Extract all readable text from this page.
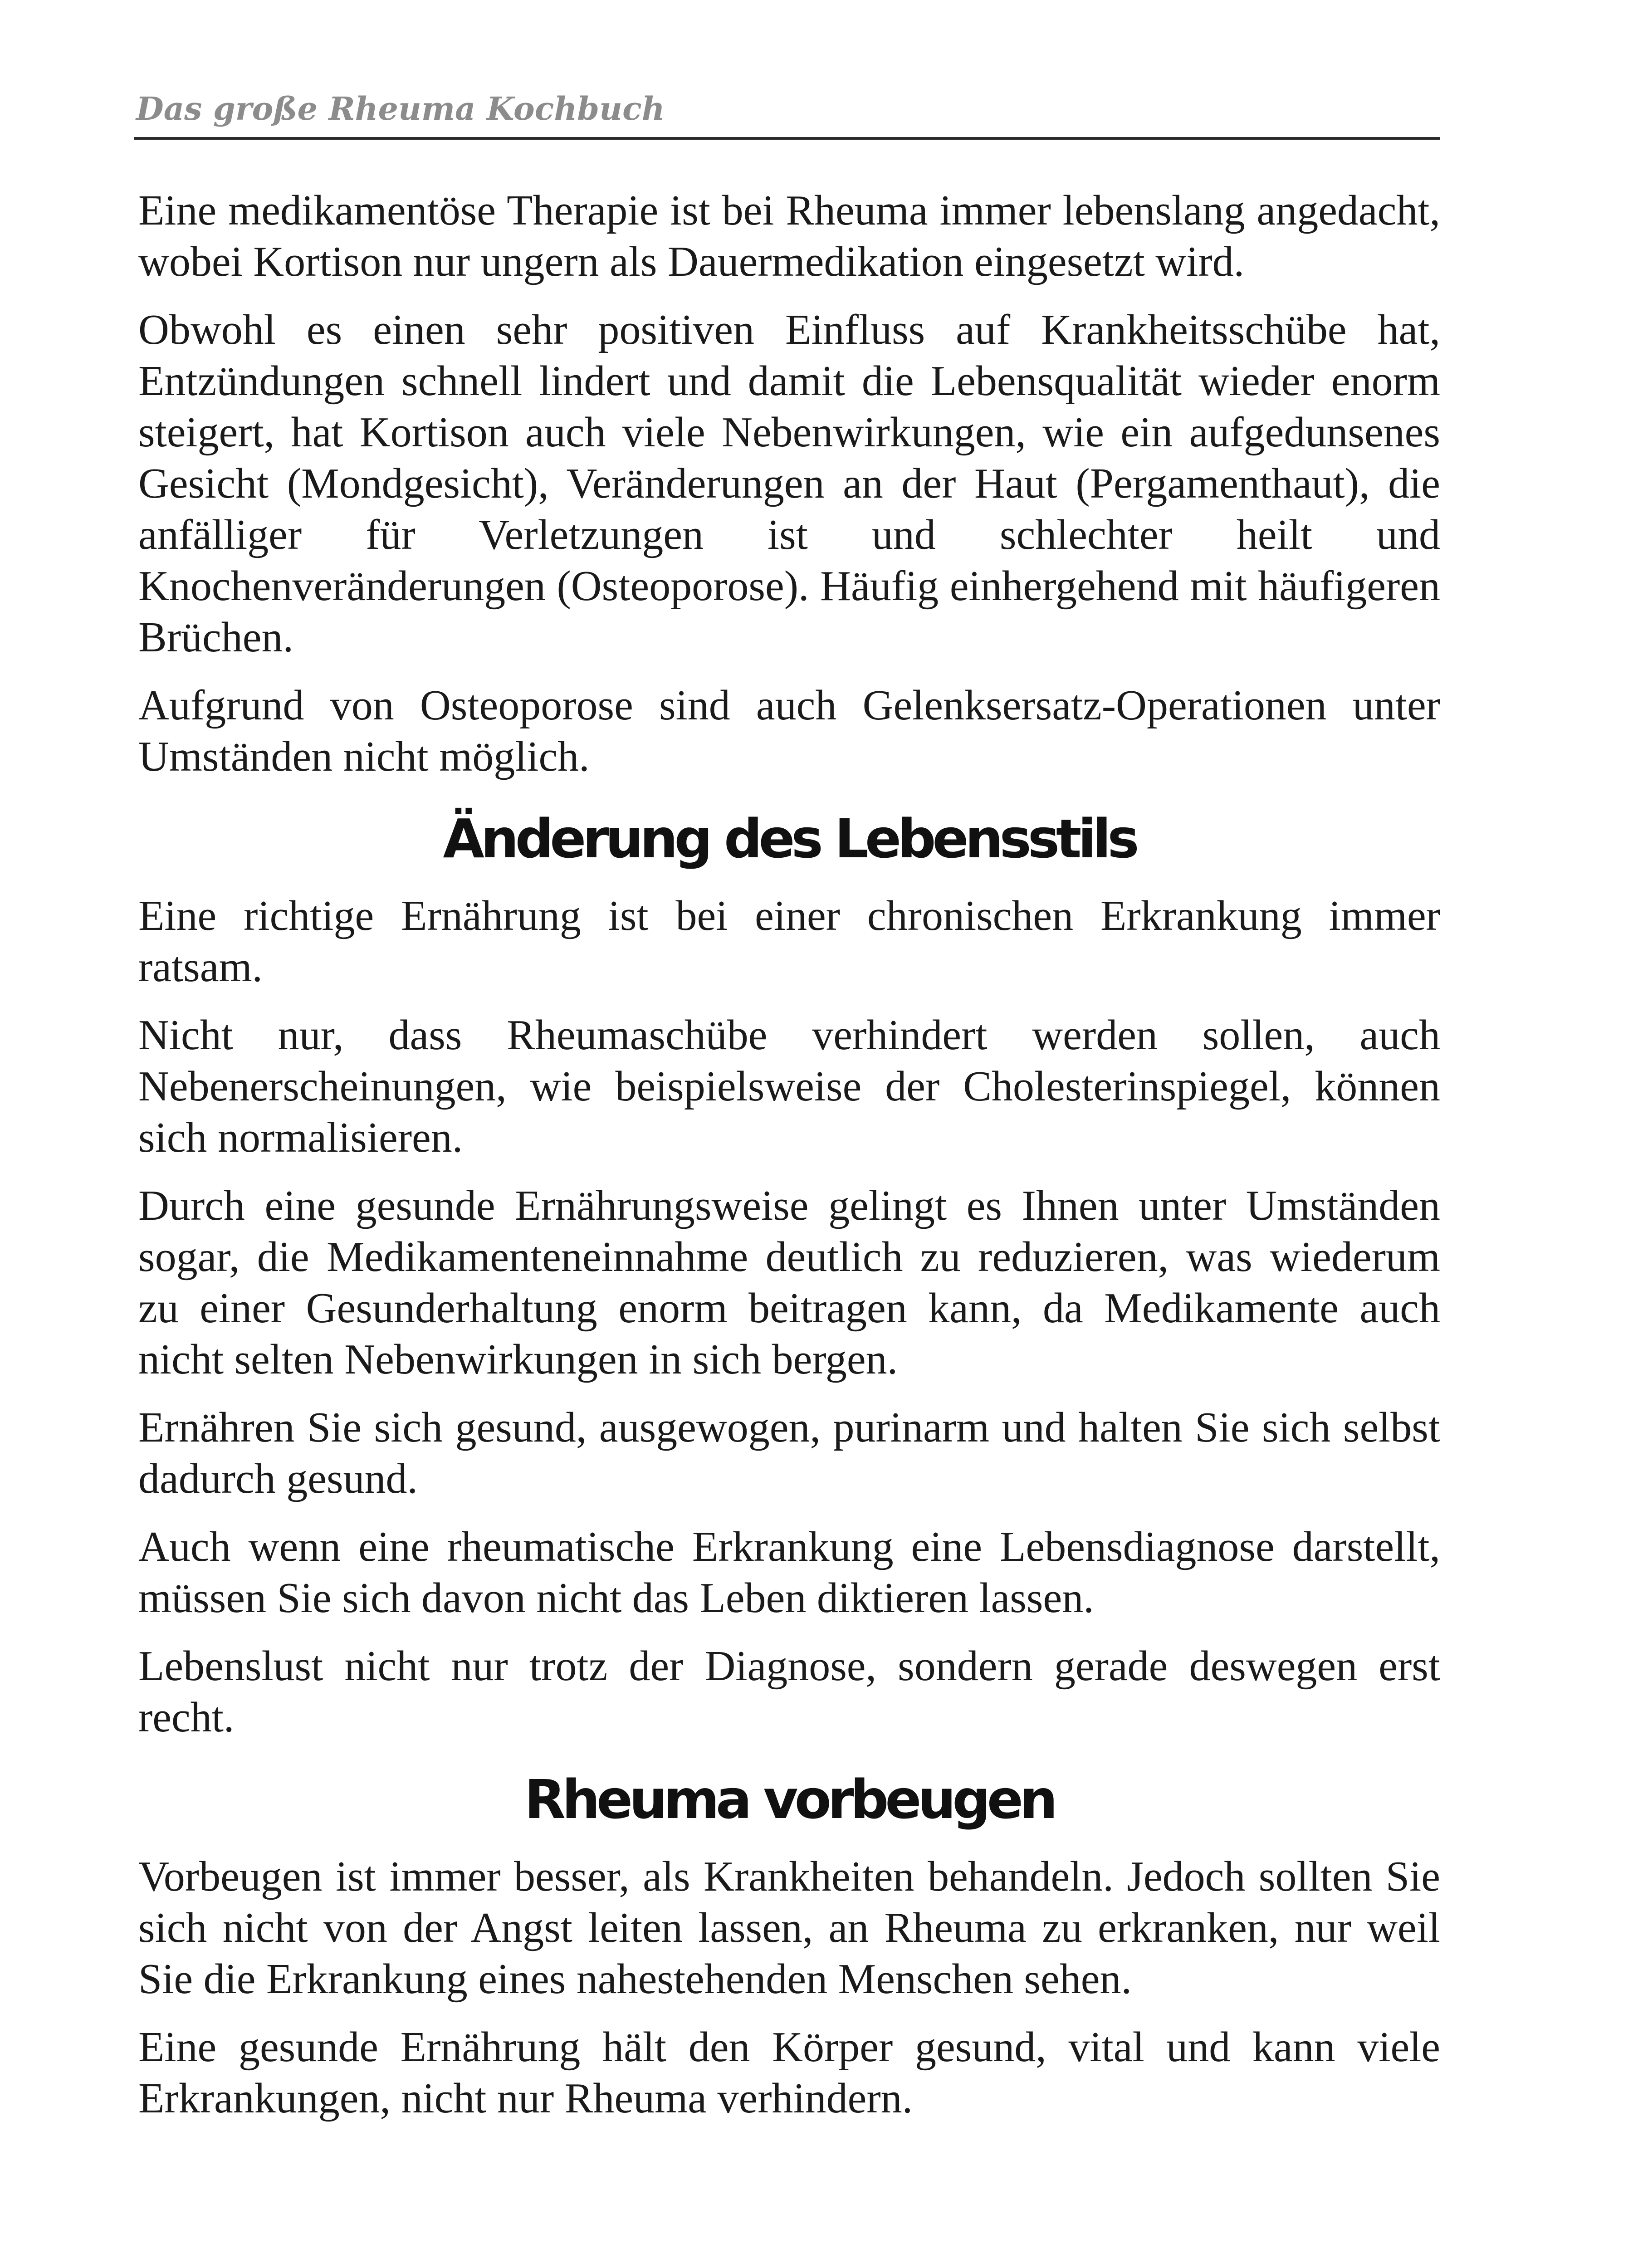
Das große Rheuma Kochbuch

Eine medikamentöse Therapie ist bei Rheuma immer lebenslang angedacht, wobei Kortison nur ungern als Dauermedikation eingesetzt wird.

Obwohl es einen sehr positiven Einfluss auf Krankheitsschübe hat, Entzündungen schnell lindert und damit die Lebensqualität wieder enorm steigert, hat Kortison auch viele Nebenwirkungen, wie ein aufgedunsenes Gesicht (Mondgesicht), Veränderungen an der Haut (Pergamenthaut), die anfälliger für Verletzungen ist und schlechter heilt und Knochenveränderungen (Osteoporose). Häufig einhergehend mit häufigeren Brüchen.

Aufgrund von Osteoporose sind auch Gelenksersatz-Operationen unter Umständen nicht möglich.

Änderung des Lebensstils

Eine richtige Ernährung ist bei einer chronischen Erkrankung immer ratsam.

Nicht nur, dass Rheumaschübe verhindert werden sollen, auch Nebenerscheinungen, wie beispielsweise der Cholesterinspiegel, können sich normalisieren.

Durch eine gesunde Ernährungsweise gelingt es Ihnen unter Umständen sogar, die Medikamenteneinnahme deutlich zu reduzieren, was wiederum zu einer Gesunderhaltung enorm beitragen kann, da Medikamente auch nicht selten Nebenwirkungen in sich bergen.

Ernähren Sie sich gesund, ausgewogen, purinarm und halten Sie sich selbst dadurch gesund.

Auch wenn eine rheumatische Erkrankung eine Lebensdiagnose darstellt, müssen Sie sich davon nicht das Leben diktieren lassen.

Lebenslust nicht nur trotz der Diagnose, sondern gerade deswegen erst recht.

Rheuma vorbeugen

Vorbeugen ist immer besser, als Krankheiten behandeln. Jedoch sollten Sie sich nicht von der Angst leiten lassen, an Rheuma zu erkranken, nur weil Sie die Erkrankung eines nahestehenden Menschen sehen.

Eine gesunde Ernährung hält den Körper gesund, vital und kann viele Erkrankungen, nicht nur Rheuma verhindern.
